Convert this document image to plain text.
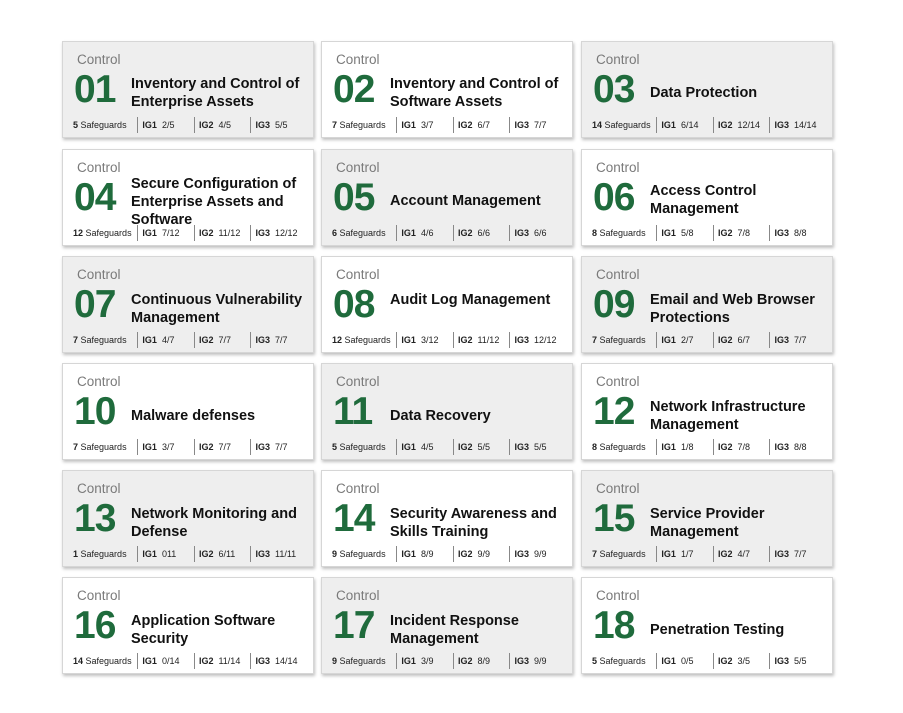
Control
01 Inventory and Control of Enterprise Assets
5 Safeguards	IG1 2/5	IG2 4/5	IG3 5/5
Control
02 Inventory and Control of Software Assets
7 Safeguards	IG1 3/7	IG2 6/7	IG3 7/7
Control
03 Data Protection
14 Safeguards	IG1 6/14	IG2 12/14	IG3 14/14
Control
04 Secure Configuration of Enterprise Assets and Software
12 Safeguards	IG1 7/12	IG2 11/12	IG3 12/12
Control
05 Account Management
6 Safeguards	IG1 4/6	IG2 6/6	IG3 6/6
Control
06 Access Control Management
8 Safeguards	IG1 5/8	IG2 7/8	IG3 8/8
Control
07 Continuous Vulnerability Management
7 Safeguards	IG1 4/7	IG2 7/7	IG3 7/7
Control
08 Audit Log Management
12 Safeguards	IG1 3/12	IG2 11/12	IG3 12/12
Control
09 Email and Web Browser Protections
7 Safeguards	IG1 2/7	IG2 6/7	IG3 7/7
Control
10 Malware defenses
7 Safeguards	IG1 3/7	IG2 7/7	IG3 7/7
Control
11 Data Recovery
5 Safeguards	IG1 4/5	IG2 5/5	IG3 5/5
Control
12 Network Infrastructure Management
8 Safeguards	IG1 1/8	IG2 7/8	IG3 8/8
Control
13 Network Monitoring and Defense
1 Safeguards	IG1 011	IG2 6/11	IG3 11/11
Control
14 Security Awareness and Skills Training
9 Safeguards	IG1 8/9	IG2 9/9	IG3 9/9
Control
15 Service Provider Management
7 Safeguards	IG1 1/7	IG2 4/7	IG3 7/7
Control
16 Application Software Security
14 Safeguards	IG1 0/14	IG2 11/14	IG3 14/14
Control
17 Incident Response Management
9 Safeguards	IG1 3/9	IG2 8/9	IG3 9/9
Control
18 Penetration Testing
5 Safeguards	IG1 0/5	IG2 3/5	IG3 5/5
